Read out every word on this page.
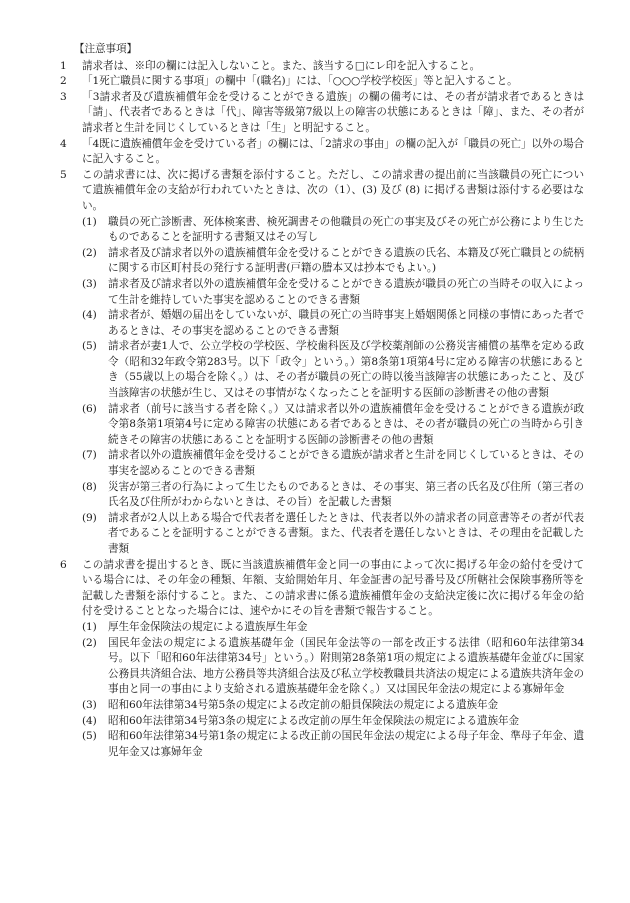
【注意事項】
1	請求者は、※印の欄には記入しないこと。また、該当する□にレ印を記入すること。
2	「1死亡職員に関する事項」の欄中「(職名)」には、「○○○学校学校医」等と記入すること。
3	「3請求者及び遺族補償年金を受けることができる遺族」の欄の備考には、その者が請求者であるときは「請」、代表者であるときは「代」、障害等級第7級以上の障害の状態にあるときは「障」、また、その者が請求者と生計を同じくしているときは「生」と明記すること。
4	「4既に遺族補償年金を受けている者」の欄には、「2請求の事由」の欄の記入が「職員の死亡」以外の場合に記入すること。
5	この請求書には、次に掲げる書類を添付すること。ただし、この請求書の提出前に当該職員の死亡について遺族補償年金の支給が行われていたときは、次の（1）、(3) 及び (8) に掲げる書類は添付する必要はない。
(1)	職員の死亡診断書、死体検案書、検死調書その他職員の死亡の事実及びその死亡が公務により生じたものであることを証明する書類又はその写し
(2)	請求者及び請求者以外の遺族補償年金を受けることができる遺族の氏名、本籍及び死亡職員との続柄に関する市区町村長の発行する証明書(戸籍の謄本又は抄本でもよい。)
(3)	請求者及び請求者以外の遺族補償年金を受けることができる遺族が職員の死亡の当時その収入によって生計を維持していた事実を認めることのできる書類
(4)	請求者が、婚姻の届出をしていないが、職員の死亡の当時事実上婚姻関係と同様の事情にあった者であるときは、その事実を認めることのできる書類
(5)	請求者が妻1人で、公立学校の学校医、学校歯科医及び学校薬剤師の公務災害補償の基準を定める政令（昭和32年政令第283号。以下「政令」という。）第8条第1項第4号に定める障害の状態にあるとき（55歳以上の場合を除く。）は、その者が職員の死亡の時以後当該障害の状態にあったこと、及び当該障害の状態が生じ、又はその事情がなくなったことを証明する医師の診断書その他の書類
(6)	請求者（前号に該当する者を除く。）又は請求者以外の遺族補償年金を受けることができる遺族が政令第8条第1項第4号に定める障害の状態にある者であるときは、その者が職員の死亡の当時から引き続きその障害の状態にあることを証明する医師の診断書その他の書類
(7)	請求者以外の遺族補償年金を受けることができる遺族が請求者と生計を同じくしているときは、その事実を認めることのできる書類
(8)	災害が第三者の行為によって生じたものであるときは、その事実、第三者の氏名及び住所（第三者の氏名及び住所がわからないときは、その旨）を記載した書類
(9)	請求者が2人以上ある場合で代表者を選任したときは、代表者以外の請求者の同意書等その者が代表者であることを証明することができる書類。また、代表者を選任しないときは、その理由を記載した書類
6	この請求書を提出するとき、既に当該遺族補償年金と同一の事由によって次に掲げる年金の給付を受けている場合には、その年金の種類、年額、支給開始年月、年金証書の記号番号及び所轄社会保険事務所等を記載した書類を添付すること。また、この請求書に係る遺族補償年金の支給決定後に次に掲げる年金の給付を受けることとなった場合には、速やかにその旨を書類で報告すること。
(1)	厚生年金保険法の規定による遺族厚生年金
(2)	国民年金法の規定による遺族基礎年金（国民年金法等の一部を改正する法律（昭和60年法律第34号。以下「昭和60年法律第34号」という。）附則第28条第1項の規定による遺族基礎年金並びに国家公務員共済組合法、地方公務員等共済組合法及び私立学校教職員共済法の規定による遺族共済年金の事由と同一の事由により支給される遺族基礎年金を除く。）又は国民年金法の規定による寡婦年金
(3)	昭和60年法律第34号第5条の規定による改定前の船員保険法の規定による遺族年金
(4)	昭和60年法律第34号第3条の規定による改定前の厚生年金保険法の規定による遺族年金
(5)	昭和60年法律第34号第1条の規定による改正前の国民年金法の規定による母子年金、準母子年金、遺児年金又は寡婦年金
